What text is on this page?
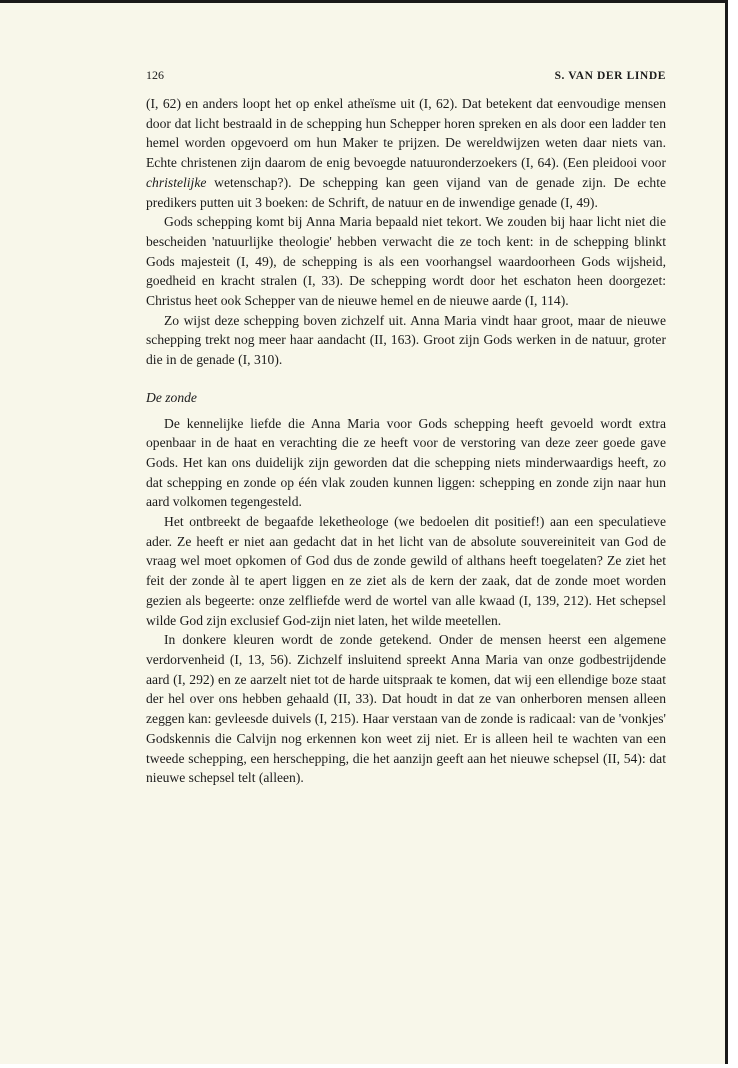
126	S. VAN DER LINDE

(I, 62) en anders loopt het op enkel atheïsme uit (I, 62). Dat betekent dat eenvoudige mensen door dat licht bestraald in de schepping hun Schepper horen spreken en als door een ladder ten hemel worden opgevoerd om hun Maker te prijzen. De wereldwijzen weten daar niets van. Echte christenen zijn daarom de enig bevoegde natuuronderzoekers (I, 64). (Een pleidooi voor christelijke wetenschap?). De schepping kan geen vijand van de genade zijn. De echte predikers putten uit 3 boeken: de Schrift, de natuur en de inwendige genade (I, 49).

Gods schepping komt bij Anna Maria bepaald niet tekort. We zouden bij haar licht niet die bescheiden 'natuurlijke theologie' hebben verwacht die ze toch kent: in de schepping blinkt Gods majesteit (I, 49), de schepping is als een voorhangsel waardoorheen Gods wijsheid, goedheid en kracht stralen (I, 33). De schepping wordt door het eschaton heen doorgezet: Christus heet ook Schepper van de nieuwe hemel en de nieuwe aarde (I, 114).

Zo wijst deze schepping boven zichzelf uit. Anna Maria vindt haar groot, maar de nieuwe schepping trekt nog meer haar aandacht (II, 163). Groot zijn Gods werken in de natuur, groter die in de genade (I, 310).

De zonde

De kennelijke liefde die Anna Maria voor Gods schepping heeft gevoeld wordt extra openbaar in de haat en verachting die ze heeft voor de verstoring van deze zeer goede gave Gods. Het kan ons duidelijk zijn geworden dat die schepping niets minderwaardigs heeft, zo dat schepping en zonde op één vlak zouden kunnen liggen: schepping en zonde zijn naar hun aard volkomen tegengesteld.

Het ontbreekt de begaafde leketheologe (we bedoelen dit positief!) aan een speculatieve ader. Ze heeft er niet aan gedacht dat in het licht van de absolute souvereiniteit van God de vraag wel moet opkomen of God dus de zonde gewild of althans heeft toegelaten? Ze ziet het feit der zonde àl te apert liggen en ze ziet als de kern der zaak, dat de zonde moet worden gezien als begeerte: onze zelfliefde werd de wortel van alle kwaad (I, 139, 212). Het schepsel wilde God zijn exclusief God-zijn niet laten, het wilde meetellen.

In donkere kleuren wordt de zonde getekend. Onder de mensen heerst een algemene verdorvenheid (I, 13, 56). Zichzelf insluitend spreekt Anna Maria van onze godbestrijdende aard (I, 292) en ze aarzelt niet tot de harde uitspraak te komen, dat wij een ellendige boze staat der hel over ons hebben gehaald (II, 33). Dat houdt in dat ze van onherboren mensen alleen zeggen kan: gevleesde duivels (I, 215). Haar verstaan van de zonde is radicaal: van de 'vonkjes' Godskennis die Calvijn nog erkennen kon weet zij niet. Er is alleen heil te wachten van een tweede schepping, een herschepping, die het aanzijn geeft aan het nieuwe schepsel (II, 54): dat nieuwe schepsel telt (alleen).
